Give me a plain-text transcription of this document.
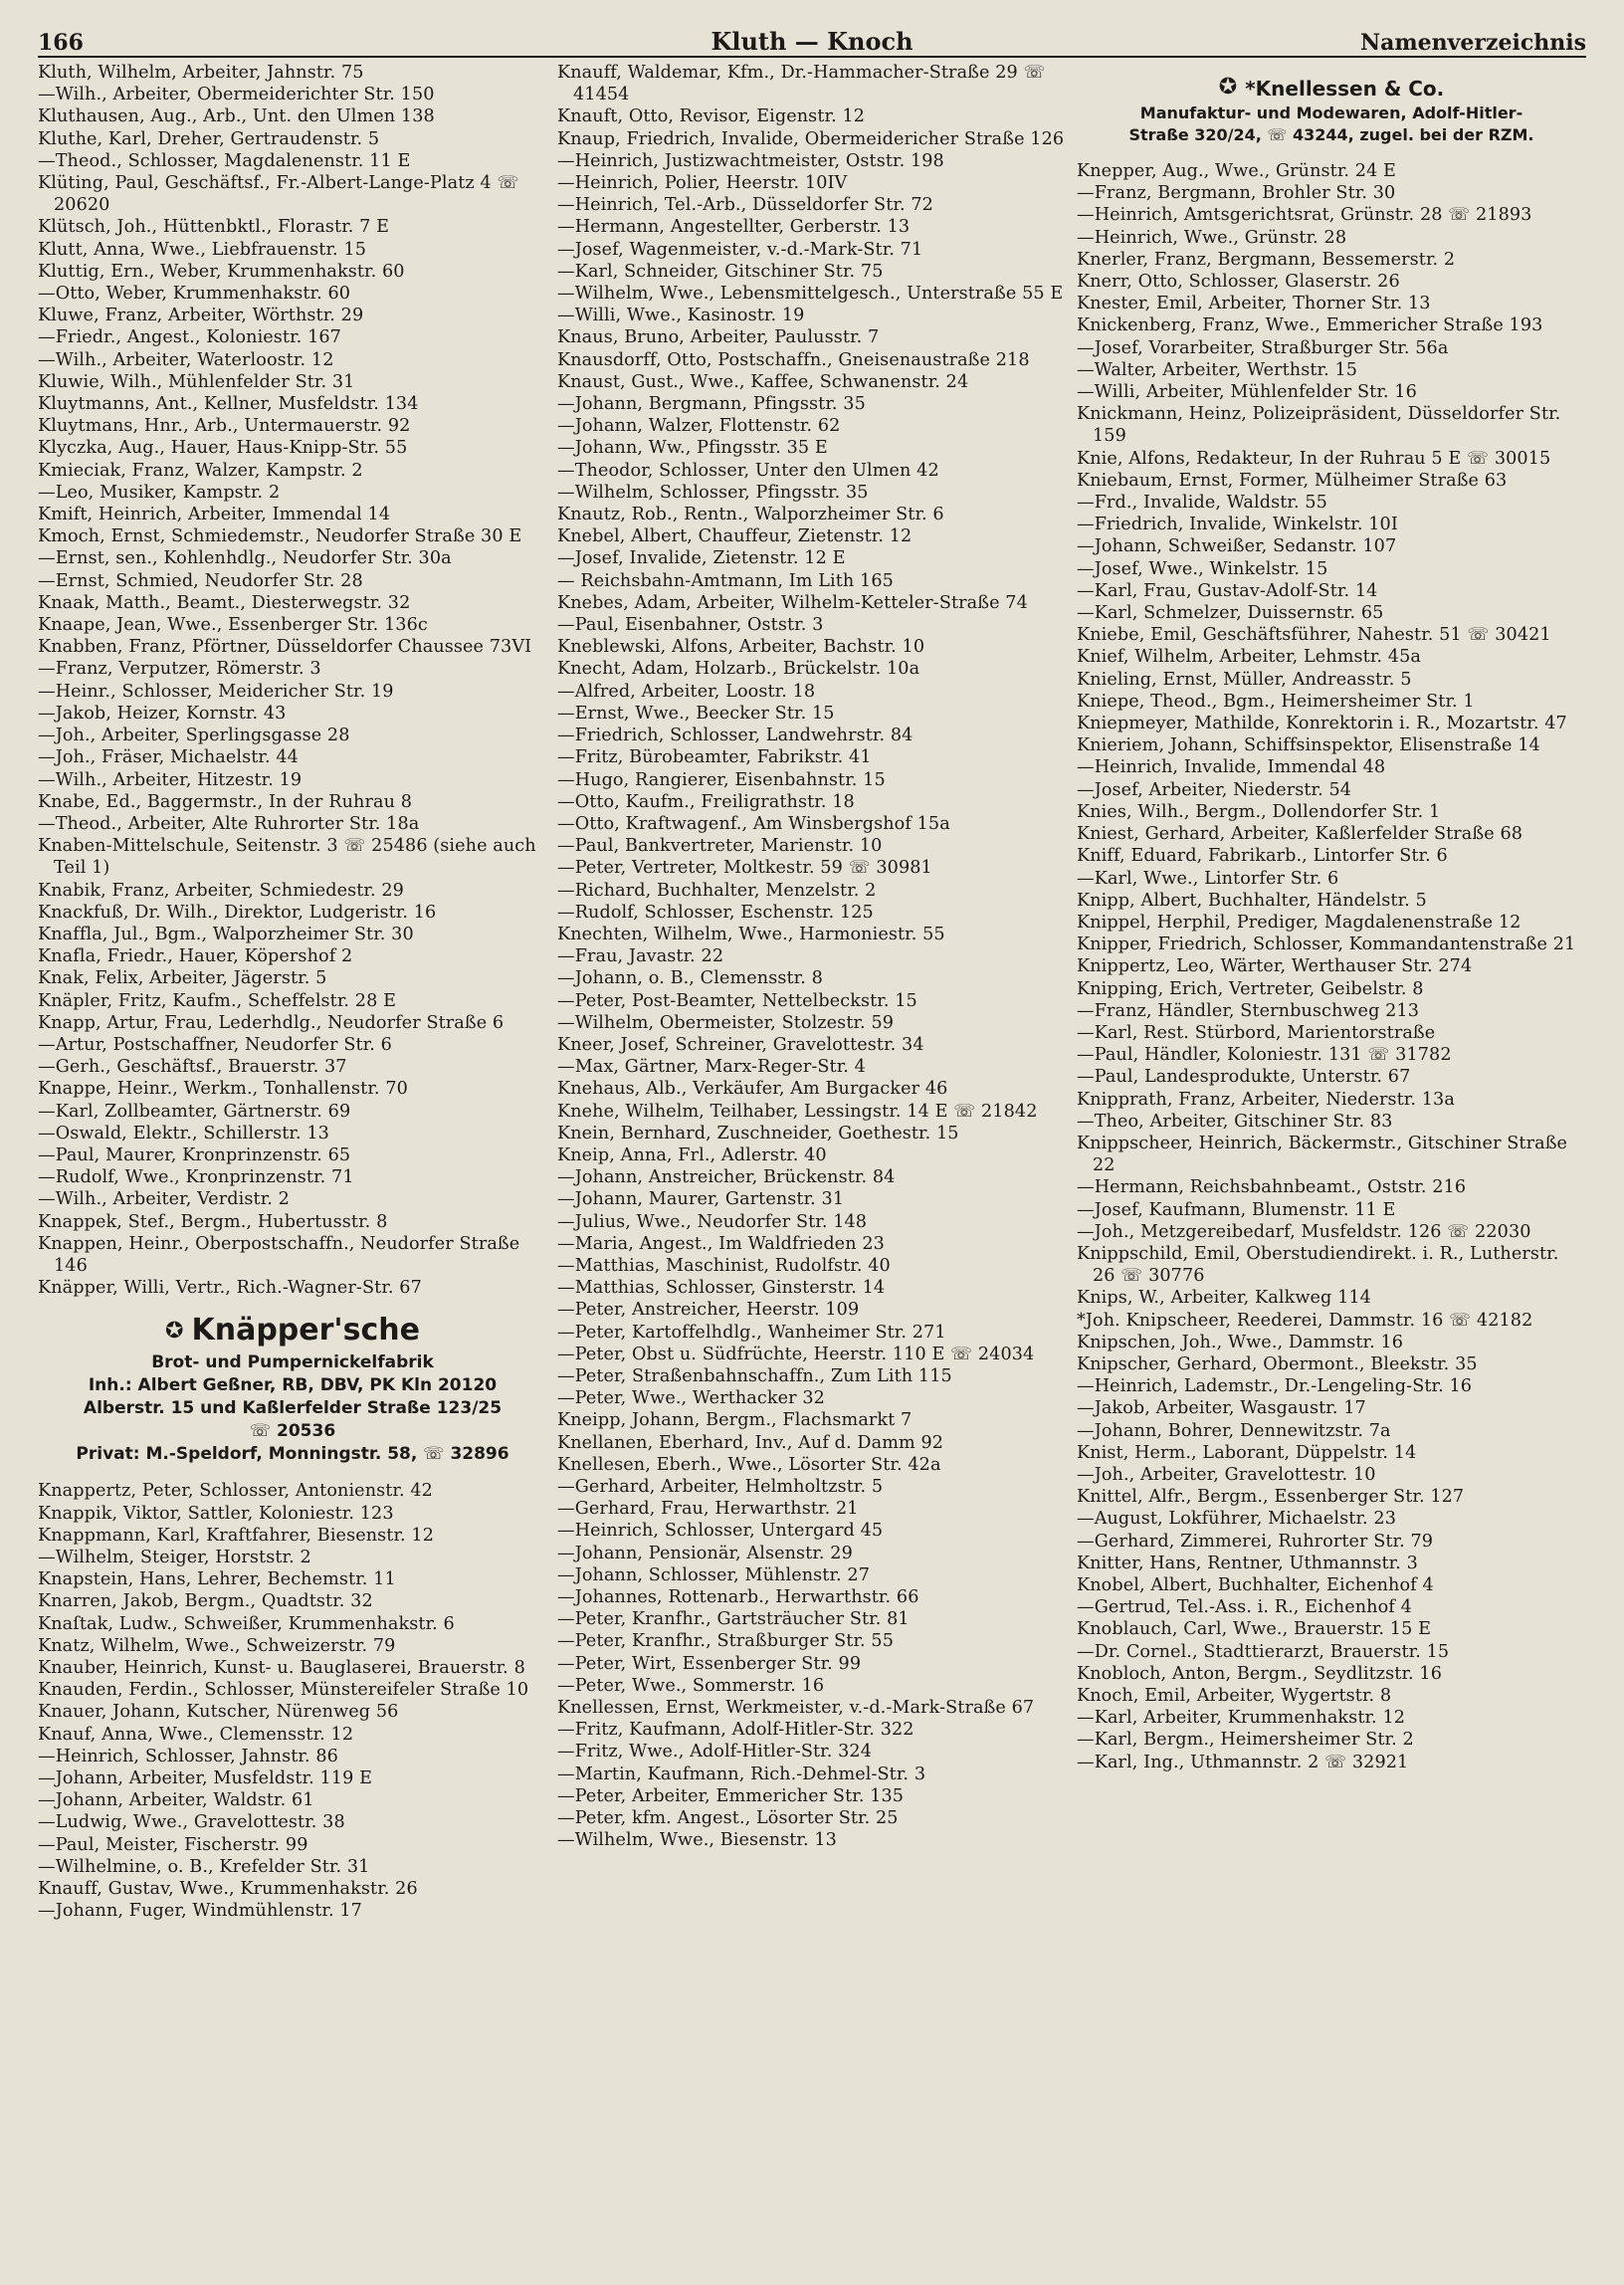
166	Kluth — Knoch	Namenverzeichnis
Kluth, Wilhelm, Arbeiter, Jahnstr. 75
—Wilh., Arbeiter, Obermeiderichter Str. 150
Kluthausen, Aug., Arb., Unt. den Ulmen 138
Kluthe, Karl, Dreher, Gertraudenstr. 5
—Theod., Schlosser, Magdalenenstr. 11 E
Klüting, Paul, Geschäftsf., Fr.-Albert-Lange-Platz 4 ☏ 20620
Klütsch, Joh., Hüttenbktl., Florastr. 7 E
Klutt, Anna, Wwe., Liebfrauenstr. 15
Kluttig, Ern., Weber, Krummenhakstr. 60
—Otto, Weber, Krummenhakstr. 60
Kluwe, Franz, Arbeiter, Wörthstr. 29
—Friedr., Angest., Koloniestr. 167
—Wilh., Arbeiter, Waterloostr. 12
Kluwie, Wilh., Mühlenfelder Str. 31
Kluytmanns, Ant., Kellner, Musfeldstr. 134
Kluytmans, Hnr., Arb., Untermauerstr. 92
Klyczka, Aug., Hauer, Haus-Knipp-Str. 55
Kmieciak, Franz, Walzer, Kampstr. 2
—Leo, Musiker, Kampstr. 2
Kmift, Heinrich, Arbeiter, Immendal 14
Kmoch, Ernst, Schmiedemstr., Neudorfer Straße 30 E
—Ernst, sen., Kohlenhdlg., Neudorfer Str. 30a
—Ernst, Schmied, Neudorfer Str. 28
Knaak, Matth., Beamt., Diesterwegstr. 32
Knaape, Jean, Wwe., Essenberger Str. 136c
Knabben, Franz, Pförtner, Düsseldorfer Chaussee 73VI
—Franz, Verputzer, Römerstr. 3
—Heinr., Schlosser, Meidericher Str. 19
—Jakob, Heizer, Kornstr. 43
—Joh., Arbeiter, Sperlingsgasse 28
—Joh., Fräser, Michaelstr. 44
—Wilh., Arbeiter, Hitzestr. 19
Knabe, Ed., Baggermstr., In der Ruhrau 8
—Theod., Arbeiter, Alte Ruhrorter Str. 18a
Knaben-Mittelschule, Seitenstr. 3 ☏ 25486 (siehe auch Teil 1)
Knabik, Franz, Arbeiter, Schmiedestr. 29
Knackfuß, Dr. Wilh., Direktor, Ludgeristr. 16
Knaffla, Jul., Bgm., Walporzheimer Str. 30
Knafla, Friedr., Hauer, Köpershof 2
Knak, Felix, Arbeiter, Jägerstr. 5
Knäpler, Fritz, Kaufm., Scheffelstr. 28 E
Knapp, Artur, Frau, Lederhdlg., Neudorfer Straße 6
—Artur, Postschaffner, Neudorfer Str. 6
—Gerh., Geschäftsf., Brauerstr. 37
Knappe, Heinr., Werkm., Tonhallenstr. 70
—Karl, Zollbeamter, Gärtnerstr. 69
—Oswald, Elektr., Schillerstr. 13
—Paul, Maurer, Kronprinzenstr. 65
—Rudolf, Wwe., Kronprinzenstr. 71
—Wilh., Arbeiter, Verdistr. 2
Knappek, Stef., Bergm., Hubertusstr. 8
Knappen, Heinr., Oberpostschaffn., Neudorfer Straße 146
Knäpper, Willi, Vertr., Rich.-Wagner-Str. 67
✪ Knäpper'sche
Brot- und Pumpernickelfabrik
Inh.: Albert Geßner, RB, DBV, PK Kln 20120
Alberstr. 15 und Kaßlerfelder Straße 123/25
☏ 20536
Privat: M.-Speldorf, Monningstr. 58, ☏ 32896
Knappertz, Peter, Schlosser, Antonienstr. 42
Knappik, Viktor, Sattler, Koloniestr. 123
Knappmann, Karl, Kraftfahrer, Biesenstr. 12
—Wilhelm, Steiger, Horststr. 2
Knapstein, Hans, Lehrer, Bechemstr. 11
Knarren, Jakob, Bergm., Quadtstr. 32
Knaſtak, Ludw., Schweißer, Krummenhakstr. 6
Knatz, Wilhelm, Wwe., Schweizerstr. 79
Knauber, Heinrich, Kunst- u. Bauglaserei, Brauerstr. 8
Knauden, Ferdin., Schlosser, Münstereifeler Straße 10
Knauer, Johann, Kutscher, Nürenweg 56
Knauf, Anna, Wwe., Clemensstr. 12
—Heinrich, Schlosser, Jahnstr. 86
—Johann, Arbeiter, Musfeldstr. 119 E
—Johann, Arbeiter, Waldstr. 61
—Ludwig, Wwe., Gravelottestr. 38
—Paul, Meister, Fischerstr. 99
—Wilhelmine, o. B., Krefelder Str. 31
Knauff, Gustav, Wwe., Krummenhakstr. 26
—Johann, Fuger, Windmühlenstr. 17
Knauff, Waldemar, Kfm., Dr.-Hammacher-Straße 29 ☏ 41454
Knauft, Otto, Revisor, Eigenstr. 12
Knaup, Friedrich, Invalide, Obermeidericher Straße 126
—Heinrich, Justizwachtmeister, Oststr. 198
—Heinrich, Polier, Heerstr. 10IV
—Heinrich, Tel.-Arb., Düsseldorfer Str. 72
—Hermann, Angestellter, Gerberstr. 13
—Josef, Wagenmeister, v.-d.-Mark-Str. 71
—Karl, Schneider, Gitschiner Str. 75
—Wilhelm, Wwe., Lebensmittelgesch., Unterstraße 55 E
—Willi, Wwe., Kasinostr. 19
Knaus, Bruno, Arbeiter, Paulusstr. 7
Knausdorff, Otto, Postschaffn., Gneisenaustraße 218
Knaust, Gust., Wwe., Kaffee, Schwanenstr. 24
—Johann, Bergmann, Pfingsstr. 35
—Johann, Walzer, Flottenstr. 62
—Johann, Ww., Pfingsstr. 35 E
—Theodor, Schlosser, Unter den Ulmen 42
—Wilhelm, Schlosser, Pfingsstr. 35
Knautz, Rob., Rentn., Walporzheimer Str. 6
Knebel, Albert, Chauffeur, Zietenstr. 12
—Josef, Invalide, Zietenstr. 12 E
— Reichsbahn-Amtmann, Im Lith 165
Knebes, Adam, Arbeiter, Wilhelm-Ketteler-Straße 74
—Paul, Eisenbahner, Oststr. 3
Kneblewski, Alfons, Arbeiter, Bachstr. 10
Knecht, Adam, Holzarb., Brückelstr. 10a
—Alfred, Arbeiter, Loostr. 18
—Ernst, Wwe., Beecker Str. 15
—Friedrich, Schlosser, Landwehrstr. 84
—Fritz, Bürobeamter, Fabrikstr. 41
—Hugo, Rangierer, Eisenbahnstr. 15
—Otto, Kaufm., Freiligrathstr. 18
—Otto, Kraftwagenf., Am Winsbergshof 15a
—Paul, Bankvertreter, Marienstr. 10
—Peter, Vertreter, Moltkestr. 59 ☏ 30981
—Richard, Buchhalter, Menzelstr. 2
—Rudolf, Schlosser, Eschenstr. 125
Knechten, Wilhelm, Wwe., Harmoniestr. 55
—Frau, Javastr. 22
—Johann, o. B., Clemensstr. 8
—Peter, Post-Beamter, Nettelbeckstr. 15
—Wilhelm, Obermeister, Stolzestr. 59
Kneer, Josef, Schreiner, Gravelottestr. 34
—Max, Gärtner, Marx-Reger-Str. 4
Knehaus, Alb., Verkäufer, Am Burgacker 46
Knehe, Wilhelm, Teilhaber, Lessingstr. 14 E ☏ 21842
Knein, Bernhard, Zuschneider, Goethestr. 15
Kneip, Anna, Frl., Adlerstr. 40
—Johann, Anstreicher, Brückenstr. 84
—Johann, Maurer, Gartenstr. 31
—Julius, Wwe., Neudorfer Str. 148
—Maria, Angest., Im Waldfrieden 23
—Matthias, Maschinist, Rudolfstr. 40
—Matthias, Schlosser, Ginsterstr. 14
—Peter, Anstreicher, Heerstr. 109
—Peter, Kartoffelhdlg., Wanheimer Str. 271
—Peter, Obst u. Südfrüchte, Heerstr. 110 E ☏ 24034
—Peter, Straßenbahnschaffn., Zum Lith 115
—Peter, Wwe., Werthacker 32
Kneipp, Johann, Bergm., Flachsmarkt 7
Knellanen, Eberhard, Inv., Auf d. Damm 92
Knellesen, Eberh., Wwe., Lösorter Str. 42a
—Gerhard, Arbeiter, Helmholtzstr. 5
—Gerhard, Frau, Herwarthstr. 21
—Heinrich, Schlosser, Untergard 45
—Johann, Pensionär, Alsenstr. 29
—Johann, Schlosser, Mühlenstr. 27
—Johannes, Rottenarb., Herwarthstr. 66
—Peter, Kranfhr., Gartsträucher Str. 81
—Peter, Kranfhr., Straßburger Str. 55
—Peter, Wirt, Essenberger Str. 99
—Peter, Wwe., Sommerstr. 16
Knellessen, Ernst, Werkmeister, v.-d.-Mark-Straße 67
—Fritz, Kaufmann, Adolf-Hitler-Str. 322
—Fritz, Wwe., Adolf-Hitler-Str. 324
—Martin, Kaufmann, Rich.-Dehmel-Str. 3
—Peter, Arbeiter, Emmericher Str. 135
—Peter, kfm. Angest., Lösorter Str. 25
—Wilhelm, Wwe., Biesenstr. 13
✪ *Knellessen & Co.
Manufaktur- und Modewaren, Adolf-Hitler-
Straße 320/24, ☏ 43244, zugel. bei der RZM.
Knepper, Aug., Wwe., Grünstr. 24 E
—Franz, Bergmann, Brohler Str. 30
—Heinrich, Amtsgerichtsrat, Grünstr. 28 ☏ 21893
—Heinrich, Wwe., Grünstr. 28
Knerler, Franz, Bergmann, Bessemerstr. 2
Knerr, Otto, Schlosser, Glaserstr. 26
Knester, Emil, Arbeiter, Thorner Str. 13
Knickenberg, Franz, Wwe., Emmericher Straße 193
—Josef, Vorarbeiter, Straßburger Str. 56a
—Walter, Arbeiter, Werthstr. 15
—Willi, Arbeiter, Mühlenfelder Str. 16
Knickmann, Heinz, Polizeipräsident, Düsseldorfer Str. 159
Knie, Alfons, Redakteur, In der Ruhrau 5 E ☏ 30015
Kniebaum, Ernst, Former, Mülheimer Straße 63
—Frd., Invalide, Waldstr. 55
—Friedrich, Invalide, Winkelstr. 10I
—Johann, Schweißer, Sedanstr. 107
—Josef, Wwe., Winkelstr. 15
—Karl, Frau, Gustav-Adolf-Str. 14
—Karl, Schmelzer, Duissernstr. 65
Kniebe, Emil, Geschäftsführer, Nahestr. 51 ☏ 30421
Knief, Wilhelm, Arbeiter, Lehmstr. 45a
Knieling, Ernst, Müller, Andreasstr. 5
Kniepe, Theod., Bgm., Heimersheimer Str. 1
Kniepmeyer, Mathilde, Konrektorin i. R., Mozartstr. 47
Knieriem, Johann, Schiffsinspektor, Elisenstraße 14
—Heinrich, Invalide, Immendal 48
—Josef, Arbeiter, Niederstr. 54
Knies, Wilh., Bergm., Dollendorfer Str. 1
Kniest, Gerhard, Arbeiter, Kaßlerfelder Straße 68
Kniff, Eduard, Fabrikarb., Lintorfer Str. 6
—Karl, Wwe., Lintorfer Str. 6
Knipp, Albert, Buchhalter, Händelstr. 5
Knippel, Herphil, Prediger, Magdalenenstraße 12
Knipper, Friedrich, Schlosser, Kommandantenstraße 21
Knippertz, Leo, Wärter, Werthauser Str. 274
Knipping, Erich, Vertreter, Geibelstr. 8
—Franz, Händler, Sternbuschweg 213
—Karl, Rest. Stürbord, Marientorstraße
—Paul, Händler, Koloniestr. 131 ☏ 31782
—Paul, Landesprodukte, Unterstr. 67
Knipprath, Franz, Arbeiter, Niederstr. 13a
—Theo, Arbeiter, Gitschiner Str. 83
Knippscheer, Heinrich, Bäckermstr., Gitschiner Straße 22
—Hermann, Reichsbahnbeamt., Oststr. 216
—Josef, Kaufmann, Blumenstr. 11 E
—Joh., Metzgereibedarf, Musfeldstr. 126 ☏ 22030
Knippschild, Emil, Oberstudiendirekt. i. R., Lutherstr. 26 ☏ 30776
Knips, W., Arbeiter, Kalkweg 114
*Joh. Knipscheer, Reederei, Dammstr. 16 ☏ 42182
Knipschen, Joh., Wwe., Dammstr. 16
Knipscher, Gerhard, Obermont., Bleekstr. 35
—Heinrich, Lademstr., Dr.-Lengeling-Str. 16
—Jakob, Arbeiter, Wasgaustr. 17
—Johann, Bohrer, Dennewitzstr. 7a
Knist, Herm., Laborant, Düppelstr. 14
—Joh., Arbeiter, Gravelottestr. 10
Knittel, Alfr., Bergm., Essenberger Str. 127
—August, Lokführer, Michaelstr. 23
—Gerhard, Zimmerei, Ruhrorter Str. 79
Knitter, Hans, Rentner, Uthmannstr. 3
Knobel, Albert, Buchhalter, Eichenhof 4
—Gertrud, Tel.-Ass. i. R., Eichenhof 4
Knoblauch, Carl, Wwe., Brauerstr. 15 E
—Dr. Cornel., Stadttierarzt, Brauerstr. 15
Knobloch, Anton, Bergm., Seydlitzstr. 16
Knoch, Emil, Arbeiter, Wygertstr. 8
—Karl, Arbeiter, Krummenhakstr. 12
—Karl, Bergm., Heimersheimer Str. 2
—Karl, Ing., Uthmannstr. 2 ☏ 32921
